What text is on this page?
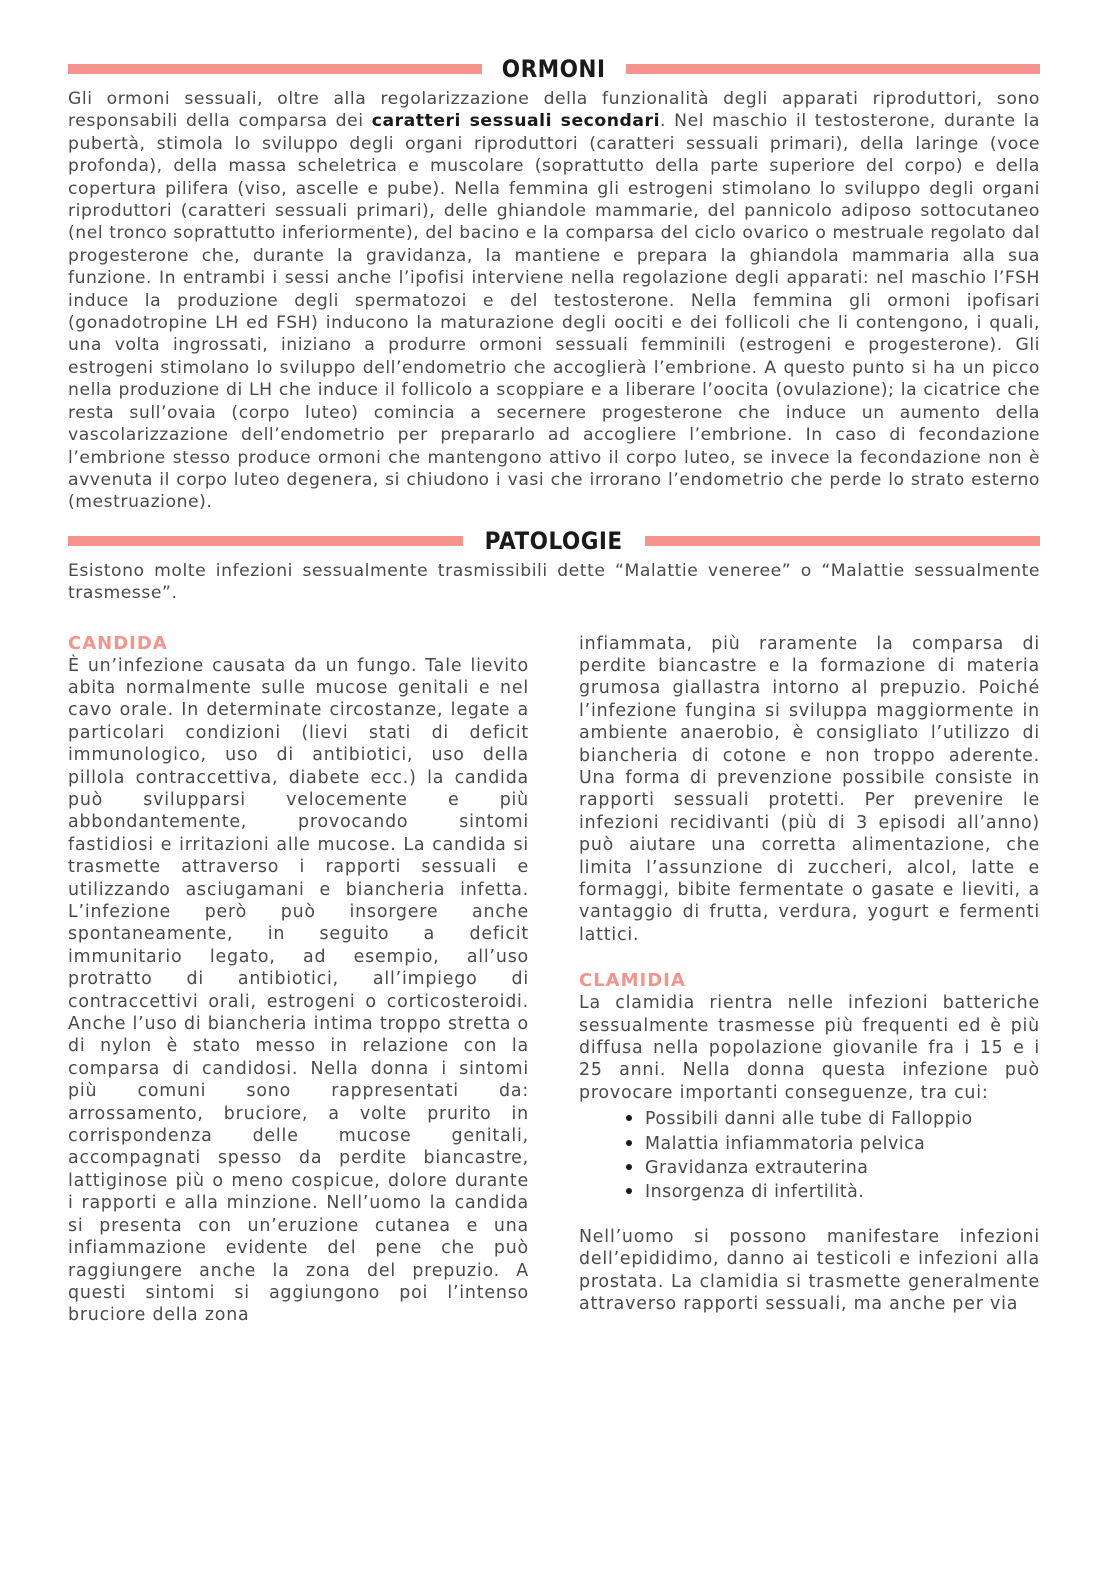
ORMONI

Gli ormoni sessuali, oltre alla regolarizzazione della funzionalità degli apparati riproduttori, sono responsabili della comparsa dei caratteri sessuali secondari. Nel maschio il testosterone, durante la pubertà, stimola lo sviluppo degli organi riproduttori (caratteri sessuali primari), della laringe (voce profonda), della massa scheletrica e muscolare (soprattutto della parte superiore del corpo) e della copertura pilifera (viso, ascelle e pube). Nella femmina gli estrogeni stimolano lo sviluppo degli organi riproduttori (caratteri sessuali primari), delle ghiandole mammarie, del pannicolo adiposo sottocutaneo (nel tronco soprattutto inferiormente), del bacino e la comparsa del ciclo ovarico o mestruale regolato dal progesterone che, durante la gravidanza, la mantiene e prepara la ghiandola mammaria alla sua funzione. In entrambi i sessi anche l’ipofisi interviene nella regolazione degli apparati: nel maschio l’FSH induce la produzione degli spermatozoi e del testosterone. Nella femmina gli ormoni ipofisari (gonadotropine LH ed FSH) inducono la maturazione degli oociti e dei follicoli che li contengono, i quali, una volta ingrossati, iniziano a produrre ormoni sessuali femminili (estrogeni e progesterone). Gli estrogeni stimolano lo sviluppo dell’endometrio che accoglierà l’embrione. A questo punto si ha un picco nella produzione di LH che induce il follicolo a scoppiare e a liberare l’oocita (ovulazione); la cicatrice che resta sull’ovaia (corpo luteo) comincia a secernere progesterone che induce un aumento della vascolarizzazione dell’endometrio per prepararlo ad accogliere l’embrione. In caso di fecondazione l’embrione stesso produce ormoni che mantengono attivo il corpo luteo, se invece la fecondazione non è avvenuta il corpo luteo degenera, si chiudono i vasi che irrorano l’endometrio che perde lo strato esterno (mestruazione).

PATOLOGIE

Esistono molte infezioni sessualmente trasmissibili dette “Malattie veneree” o “Malattie sessualmente trasmesse”.

CANDIDA

È un’infezione causata da un fungo. Tale lievito abita normalmente sulle mucose genitali e nel cavo orale. In determinate circostanze, legate a particolari condizioni (lievi stati di deficit immunologico, uso di antibiotici, uso della pillola contraccettiva, diabete ecc.) la candida può svilupparsi velocemente e più abbondantemente, provocando sintomi fastidiosi e irritazioni alle mucose. La candida si trasmette attraverso i rapporti sessuali e utilizzando asciugamani e biancheria infetta. L’infezione però può insorgere anche spontaneamente, in seguito a deficit immunitario legato, ad esempio, all’uso protratto di antibiotici, all’impiego di contraccettivi orali, estrogeni o corticosteroidi. Anche l’uso di biancheria intima troppo stretta o di nylon è stato messo in relazione con la comparsa di candidosi. Nella donna i sintomi più comuni sono rappresentati da: arrossamento, bruciore, a volte prurito in corrispondenza delle mucose genitali, accompagnati spesso da perdite biancastre, lattiginose più o meno cospicue, dolore durante i rapporti e alla minzione. Nell’uomo la candida si presenta con un’eruzione cutanea e una infiammazione evidente del pene che può raggiungere anche la zona del prepuzio. A questi sintomi si aggiungono poi l’intenso bruciore della zona

infiammata, più raramente la comparsa di perdite biancastre e la formazione di materia grumosa giallastra intorno al prepuzio. Poiché l’infezione fungina si sviluppa maggiormente in ambiente anaerobio, è consigliato l’utilizzo di biancheria di cotone e non troppo aderente. Una forma di prevenzione possibile consiste in rapporti sessuali protetti. Per prevenire le infezioni recidivanti (più di 3 episodi all’anno) può aiutare una corretta alimentazione, che limita l’assunzione di zuccheri, alcol, latte e formaggi, bibite fermentate o gasate e lieviti, a vantaggio di frutta, verdura, yogurt e fermenti lattici.

CLAMIDIA

La clamidia rientra nelle infezioni batteriche sessualmente trasmesse più frequenti ed è più diffusa nella popolazione giovanile fra i 15 e i 25 anni. Nella donna questa infezione può provocare importanti conseguenze, tra cui:

• Possibili danni alle tube di Falloppio
• Malattia infiammatoria pelvica
• Gravidanza extrauterina
• Insorgenza di infertilità.

Nell’uomo si possono manifestare infezioni dell’epididimo, danno ai testicoli e infezioni alla prostata. La clamidia si trasmette generalmente attraverso rapporti sessuali, ma anche per via
